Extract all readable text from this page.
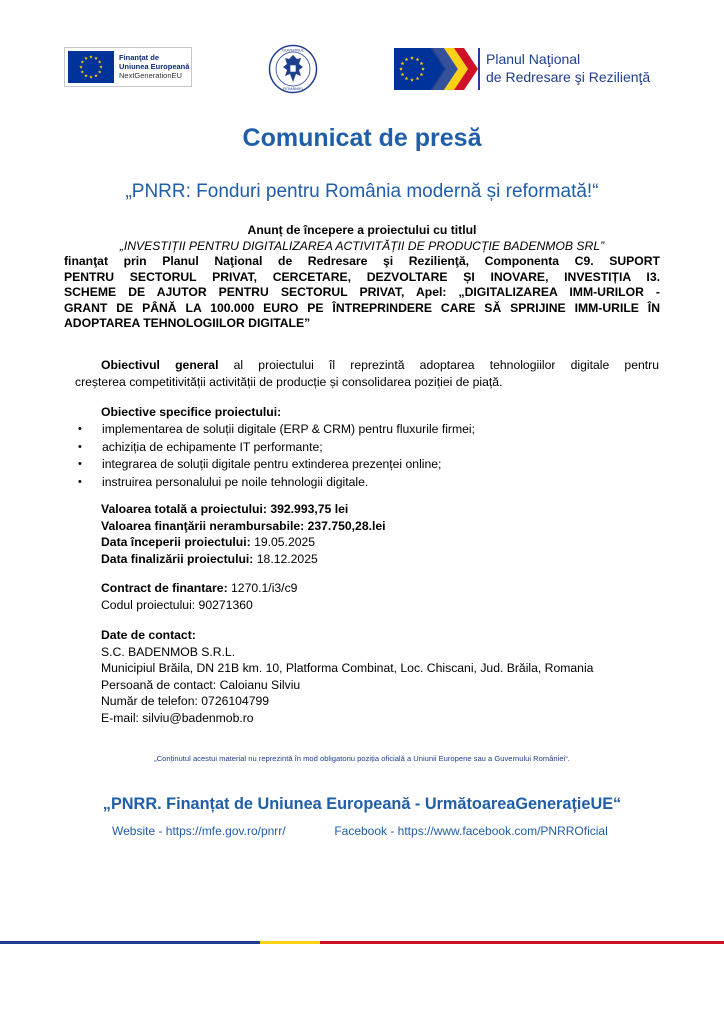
Finanţat de
Uniunea Europeană
NextGenerationEU
GUVERNUL
ROMÂNIEI
Planul Naţional
de Redresare şi Rezilienţă
Comunicat de presă
„PNRR: Fonduri pentru România modernă și reformată!“
Anunț de începere a proiectului cu titlul
„INVESTIȚII PENTRU DIGITALIZAREA ACTIVITĂȚII DE PRODUCȚIE BADENMOB SRL”
finanţat prin Planul Naţional de Redresare şi Rezilienţă, Componenta C9. SUPORT
PENTRU SECTORUL PRIVAT, CERCETARE, DEZVOLTARE ȘI INOVARE, INVESTIȚIA I3.
SCHEME DE AJUTOR PENTRU SECTORUL PRIVAT, Apel: „DIGITALIZAREA IMM-URILOR -
GRANT DE PÂNĂ LA 100.000 EURO PE ÎNTREPRINDERE CARE SĂ SPRIJINE IMM-URILE ÎN
ADOPTAREA TEHNOLOGIILOR DIGITALE”
Obiectivul general al proiectului îl reprezintă adoptarea tehnologiilor digitale pentru
creșterea competitivității activității de producție și consolidarea poziției de piață.
Obiective specifice proiectului:
• implementarea de soluții digitale (ERP & CRM) pentru fluxurile firmei;
• achiziția de echipamente IT performante;
• integrarea de soluții digitale pentru extinderea prezenței online;
• instruirea personalului pe noile tehnologii digitale.
Valoarea totală a proiectului: 392.993,75 lei
Valoarea finanţării nerambursabile: 237.750,28.lei
Data începerii proiectului: 19.05.2025
Data finalizării proiectului: 18.12.2025
Contract de finantare: 1270.1/i3/c9
Codul proiectului: 90271360
Date de contact:
S.C. BADENMOB S.R.L.
Municipiul Brăila, DN 21B km. 10, Platforma Combinat, Loc. Chiscani, Jud. Brăila, Romania
Persoană de contact: Caloianu Silviu
Număr de telefon: 0726104799
E-mail: silviu@badenmob.ro
„Conținutul acestui material nu reprezintă în mod obligatoriu poziția oficială a Uniunii Europene sau a Guvernului României“.
„PNRR. Finanțat de Uniunea Europeană - UrmătoareaGenerațieUE“
Website - https://mfe.gov.ro/pnrr/	Facebook - https://www.facebook.com/PNRROficial
